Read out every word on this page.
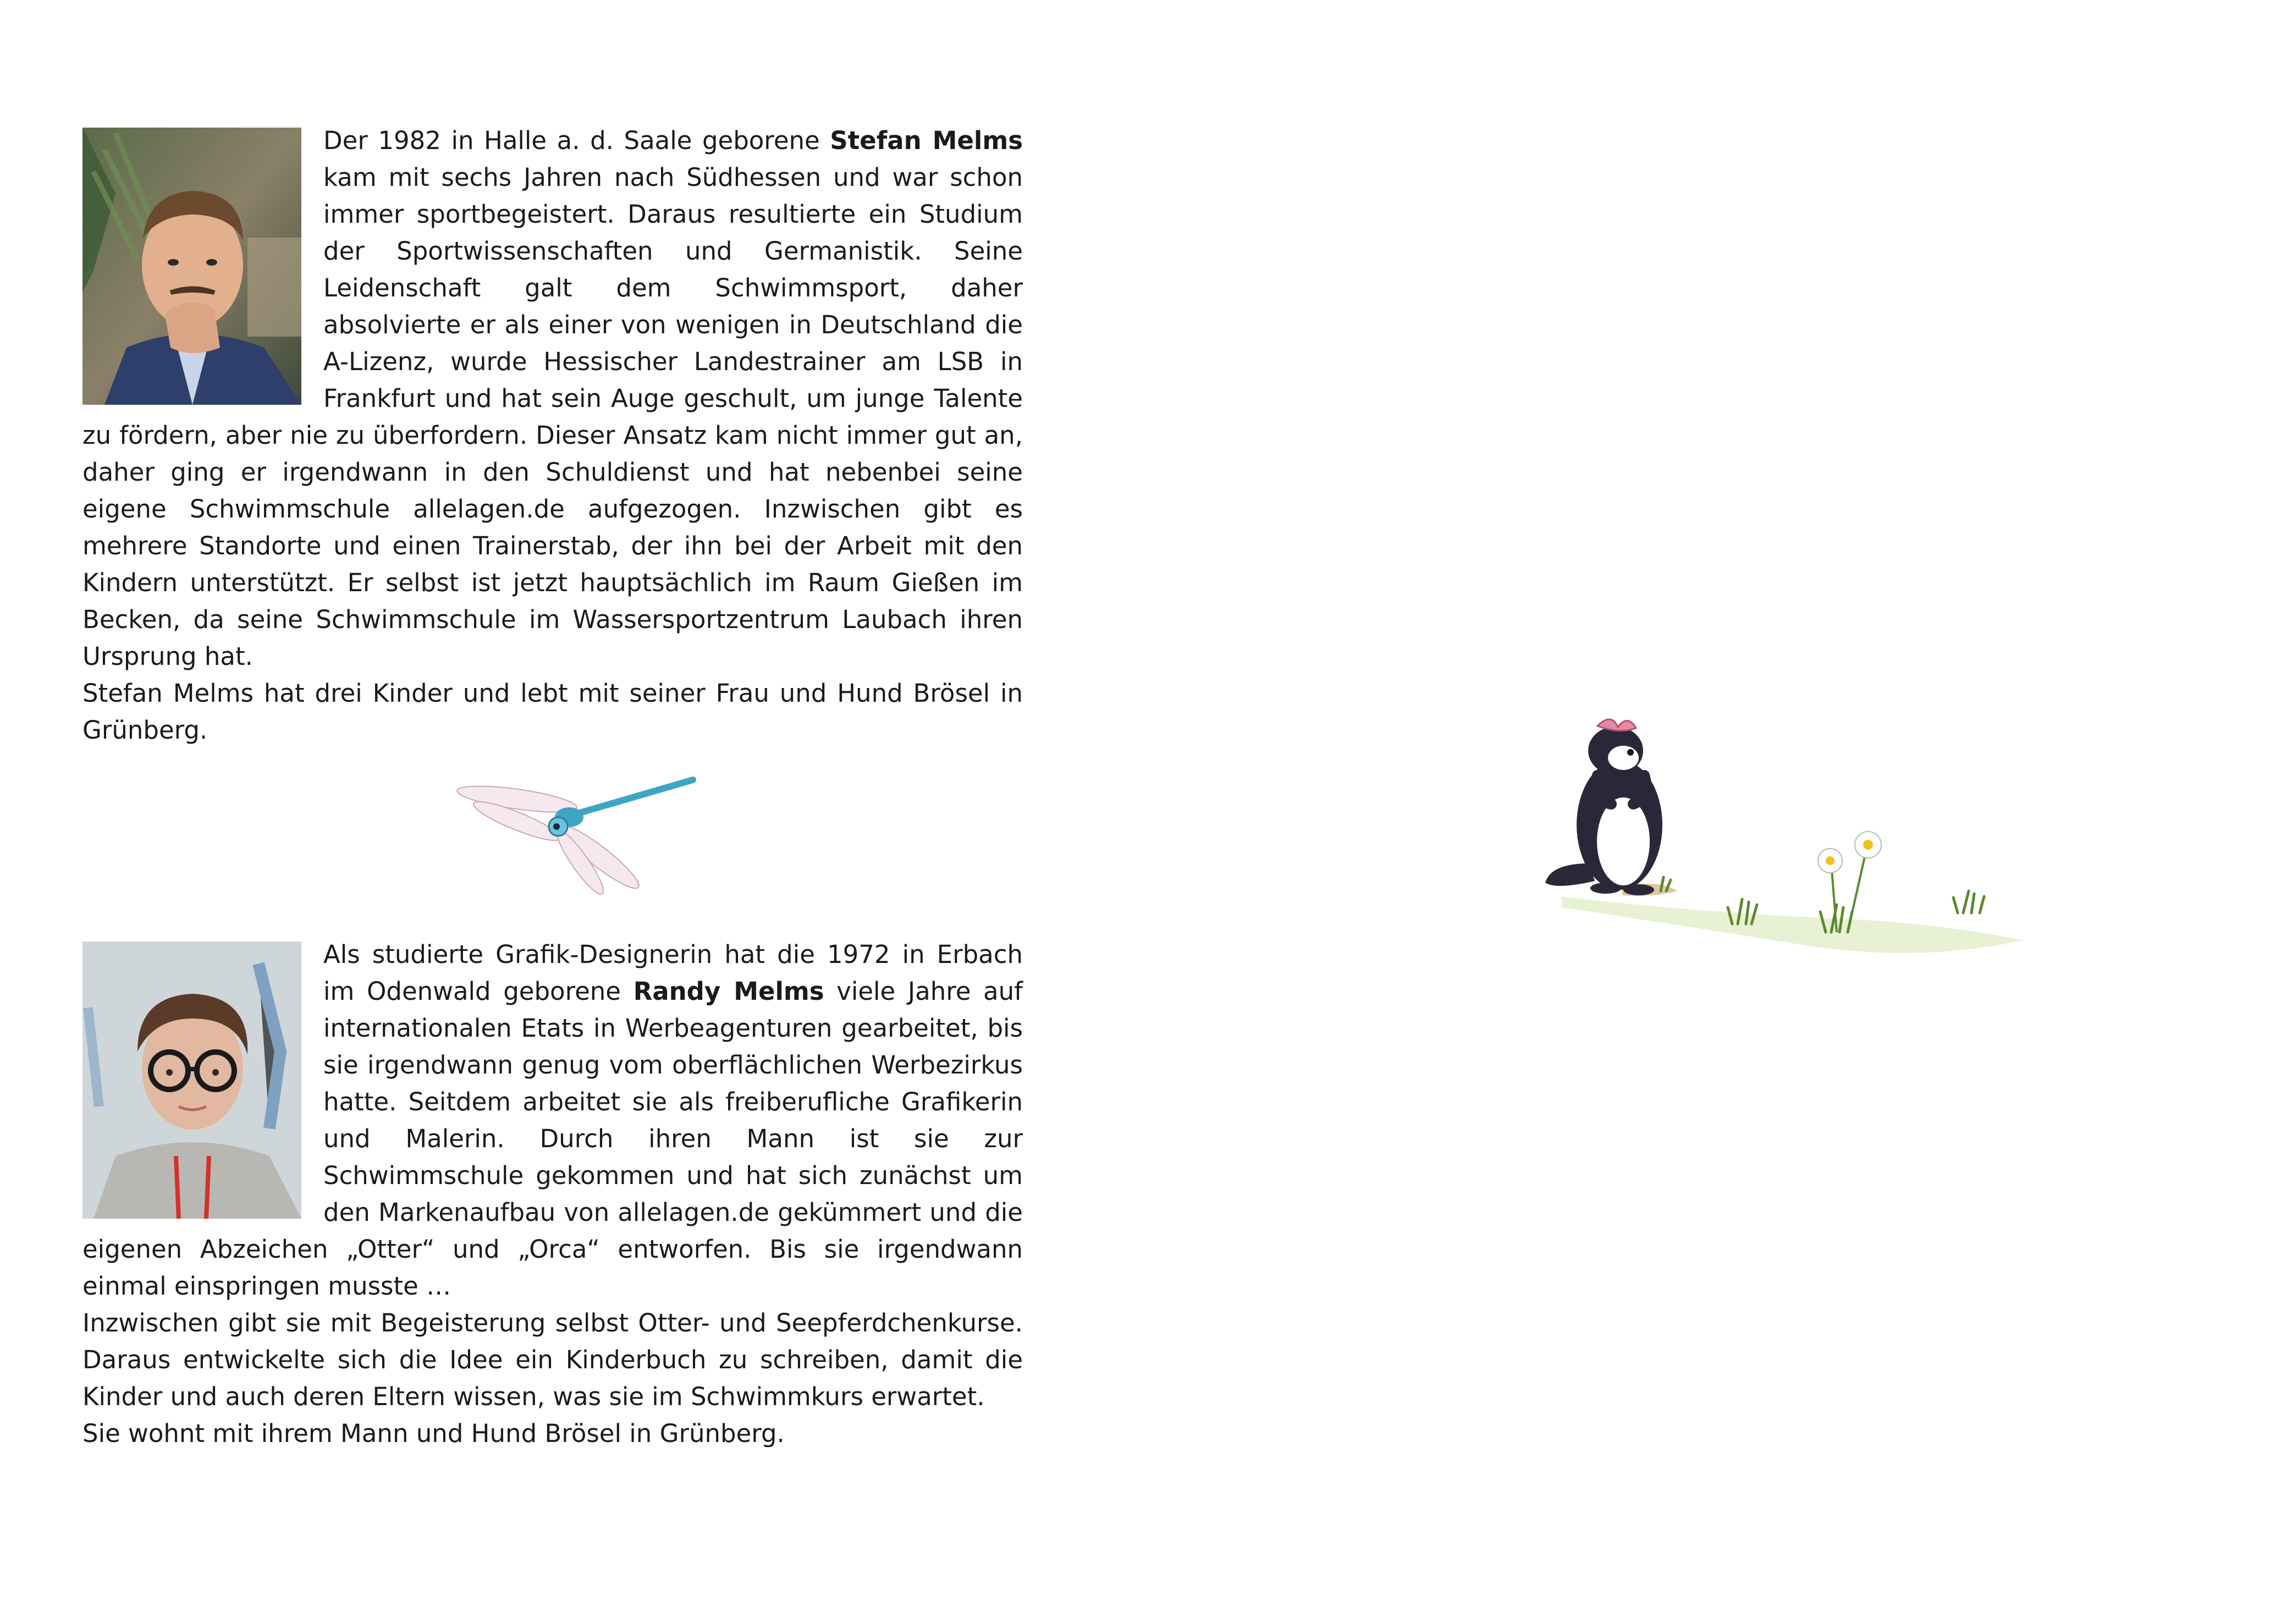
Der 1982 in Halle a. d. Saale geborene Stefan Melms kam mit sechs Jahren nach Südhessen und war schon immer sportbegeistert. Daraus resultierte ein Studium der Sportwissenschaften und Germanistik. Seine Leidenschaft galt dem Schwimmsport, daher absolvierte er als einer von wenigen in Deutschland die A-Lizenz, wurde Hessischer Landestrainer am LSB in Frankfurt und hat sein Auge geschult, um junge Talente zu fördern, aber nie zu überfordern. Dieser Ansatz kam nicht immer gut an, daher ging er irgendwann in den Schuldienst und hat nebenbei seine eigene Schwimmschule allelagen.de aufgezogen. Inzwischen gibt es mehrere Standorte und einen Trainerstab, der ihn bei der Arbeit mit den Kindern unterstützt. Er selbst ist jetzt hauptsächlich im Raum Gießen im Becken, da seine Schwimmschule im Wassersportzentrum Laubach ihren Ursprung hat.

Stefan Melms hat drei Kinder und lebt mit seiner Frau und Hund Brösel in Grünberg.

Als studierte Grafik-Designerin hat die 1972 in Erbach im Odenwald geborene Randy Melms viele Jahre auf internationalen Etats in Werbeagenturen gearbeitet, bis sie irgendwann genug vom oberflächlichen Werbezirkus hatte. Seitdem arbeitet sie als freiberufliche Grafikerin und Malerin. Durch ihren Mann ist sie zur Schwimmschule gekommen und hat sich zunächst um den Markenaufbau von allelagen.de gekümmert und die eigenen Abzeichen „Otter“ und „Orca“ entworfen. Bis sie irgendwann einmal einspringen musste …

Inzwischen gibt sie mit Begeisterung selbst Otter- und Seepferdchenkurse. Daraus entwickelte sich die Idee ein Kinderbuch zu schreiben, damit die Kinder und auch deren Eltern wissen, was sie im Schwimmkurs erwartet.

Sie wohnt mit ihrem Mann und Hund Brösel in Grünberg.
